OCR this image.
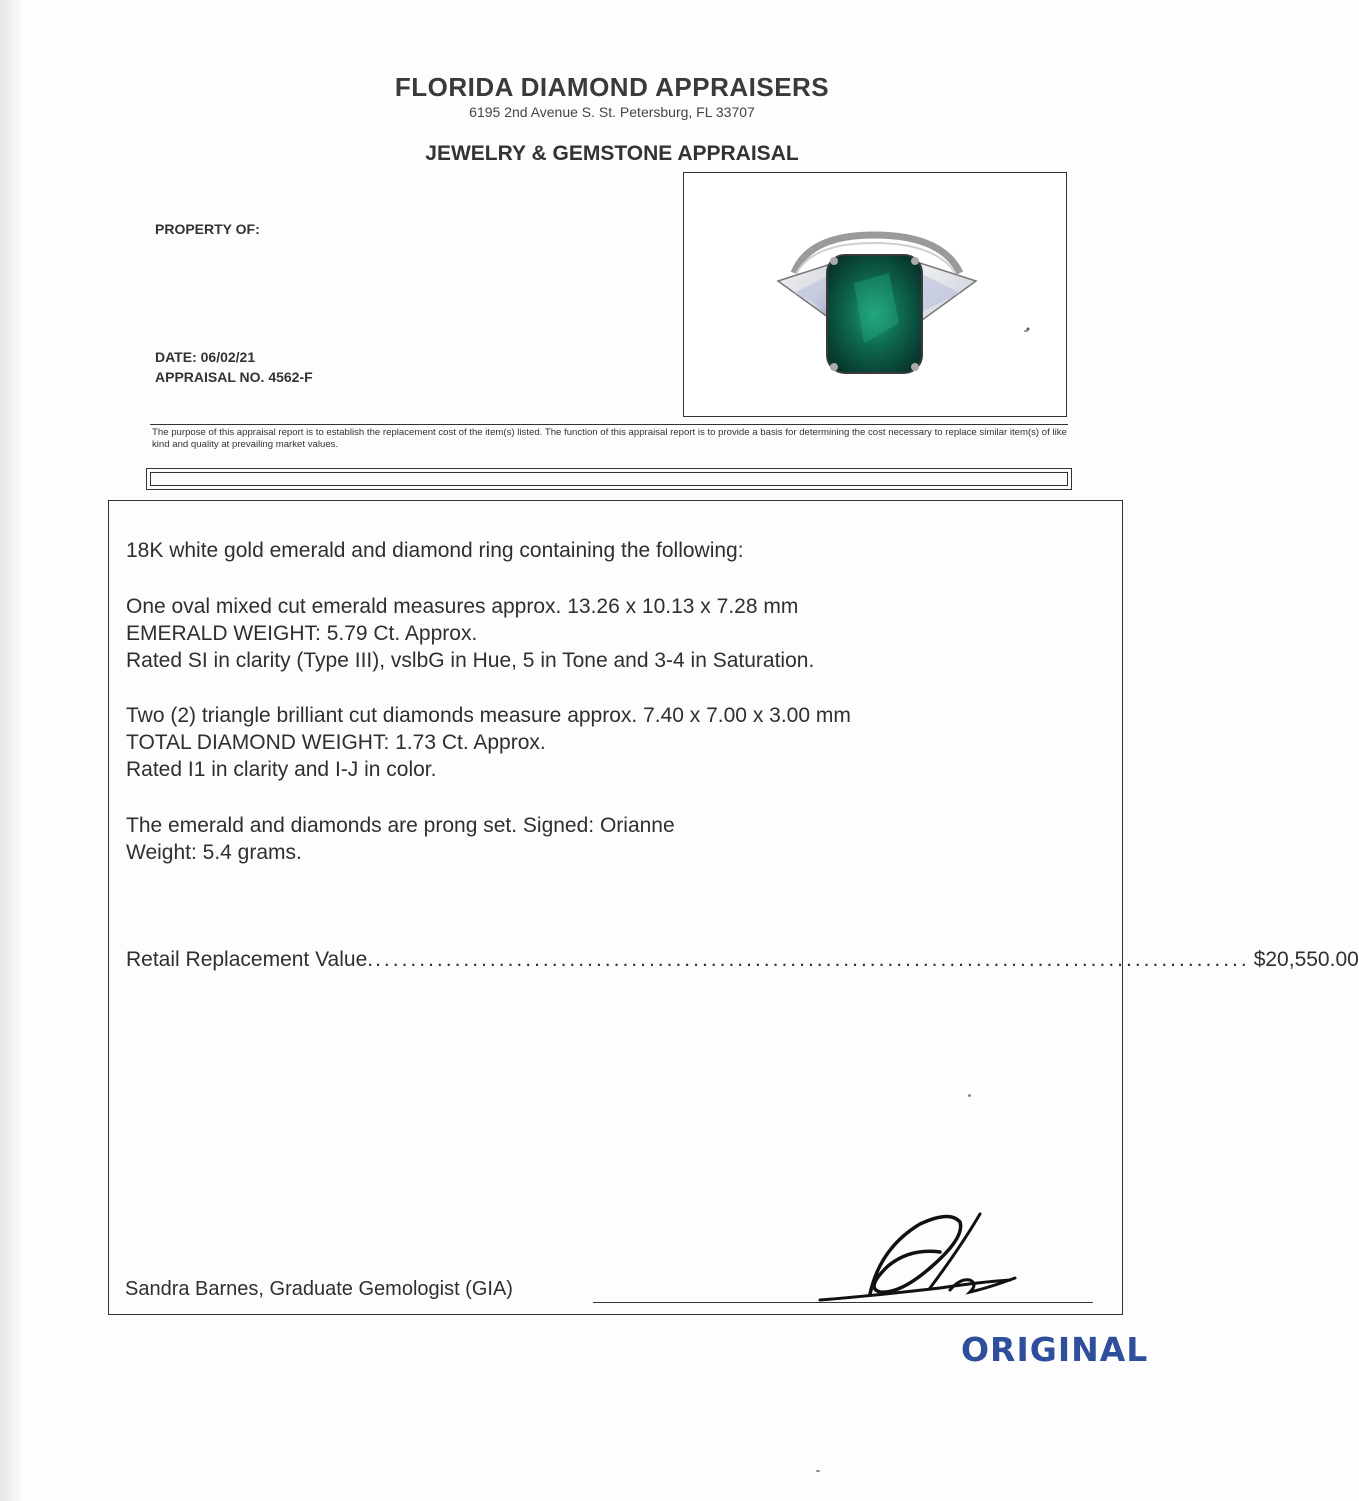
FLORIDA DIAMOND APPRAISERS
6195 2nd Avenue S. St. Petersburg, FL 33707
JEWELRY & GEMSTONE APPRAISAL
PROPERTY OF:
DATE: 06/02/21
APPRAISAL NO. 4562-F
The purpose of this appraisal report is to establish the replacement cost of the item(s) listed. The function of this appraisal report is to provide a basis for determining the cost necessary to replace similar item(s) of like kind and quality at prevailing market values.
18K white gold emerald and diamond ring containing the following:
One oval mixed cut emerald measures approx. 13.26 x 10.13 x 7.28 mm
EMERALD WEIGHT: 5.79 Ct. Approx.
Rated SI in clarity (Type III), vslbG in Hue, 5 in Tone and 3-4 in Saturation.
Two (2) triangle brilliant cut diamonds measure approx. 7.40 x 7.00 x 3.00 mm
TOTAL DIAMOND WEIGHT: 1.73 Ct. Approx.
Rated I1 in clarity and I-J in color.
The emerald and diamonds are prong set. Signed: Orianne
Weight: 5.4 grams.
Retail Replacement Value. ................................................................................................... $20,550.00
Sandra Barnes, Graduate Gemologist (GIA)
ORIGINAL
